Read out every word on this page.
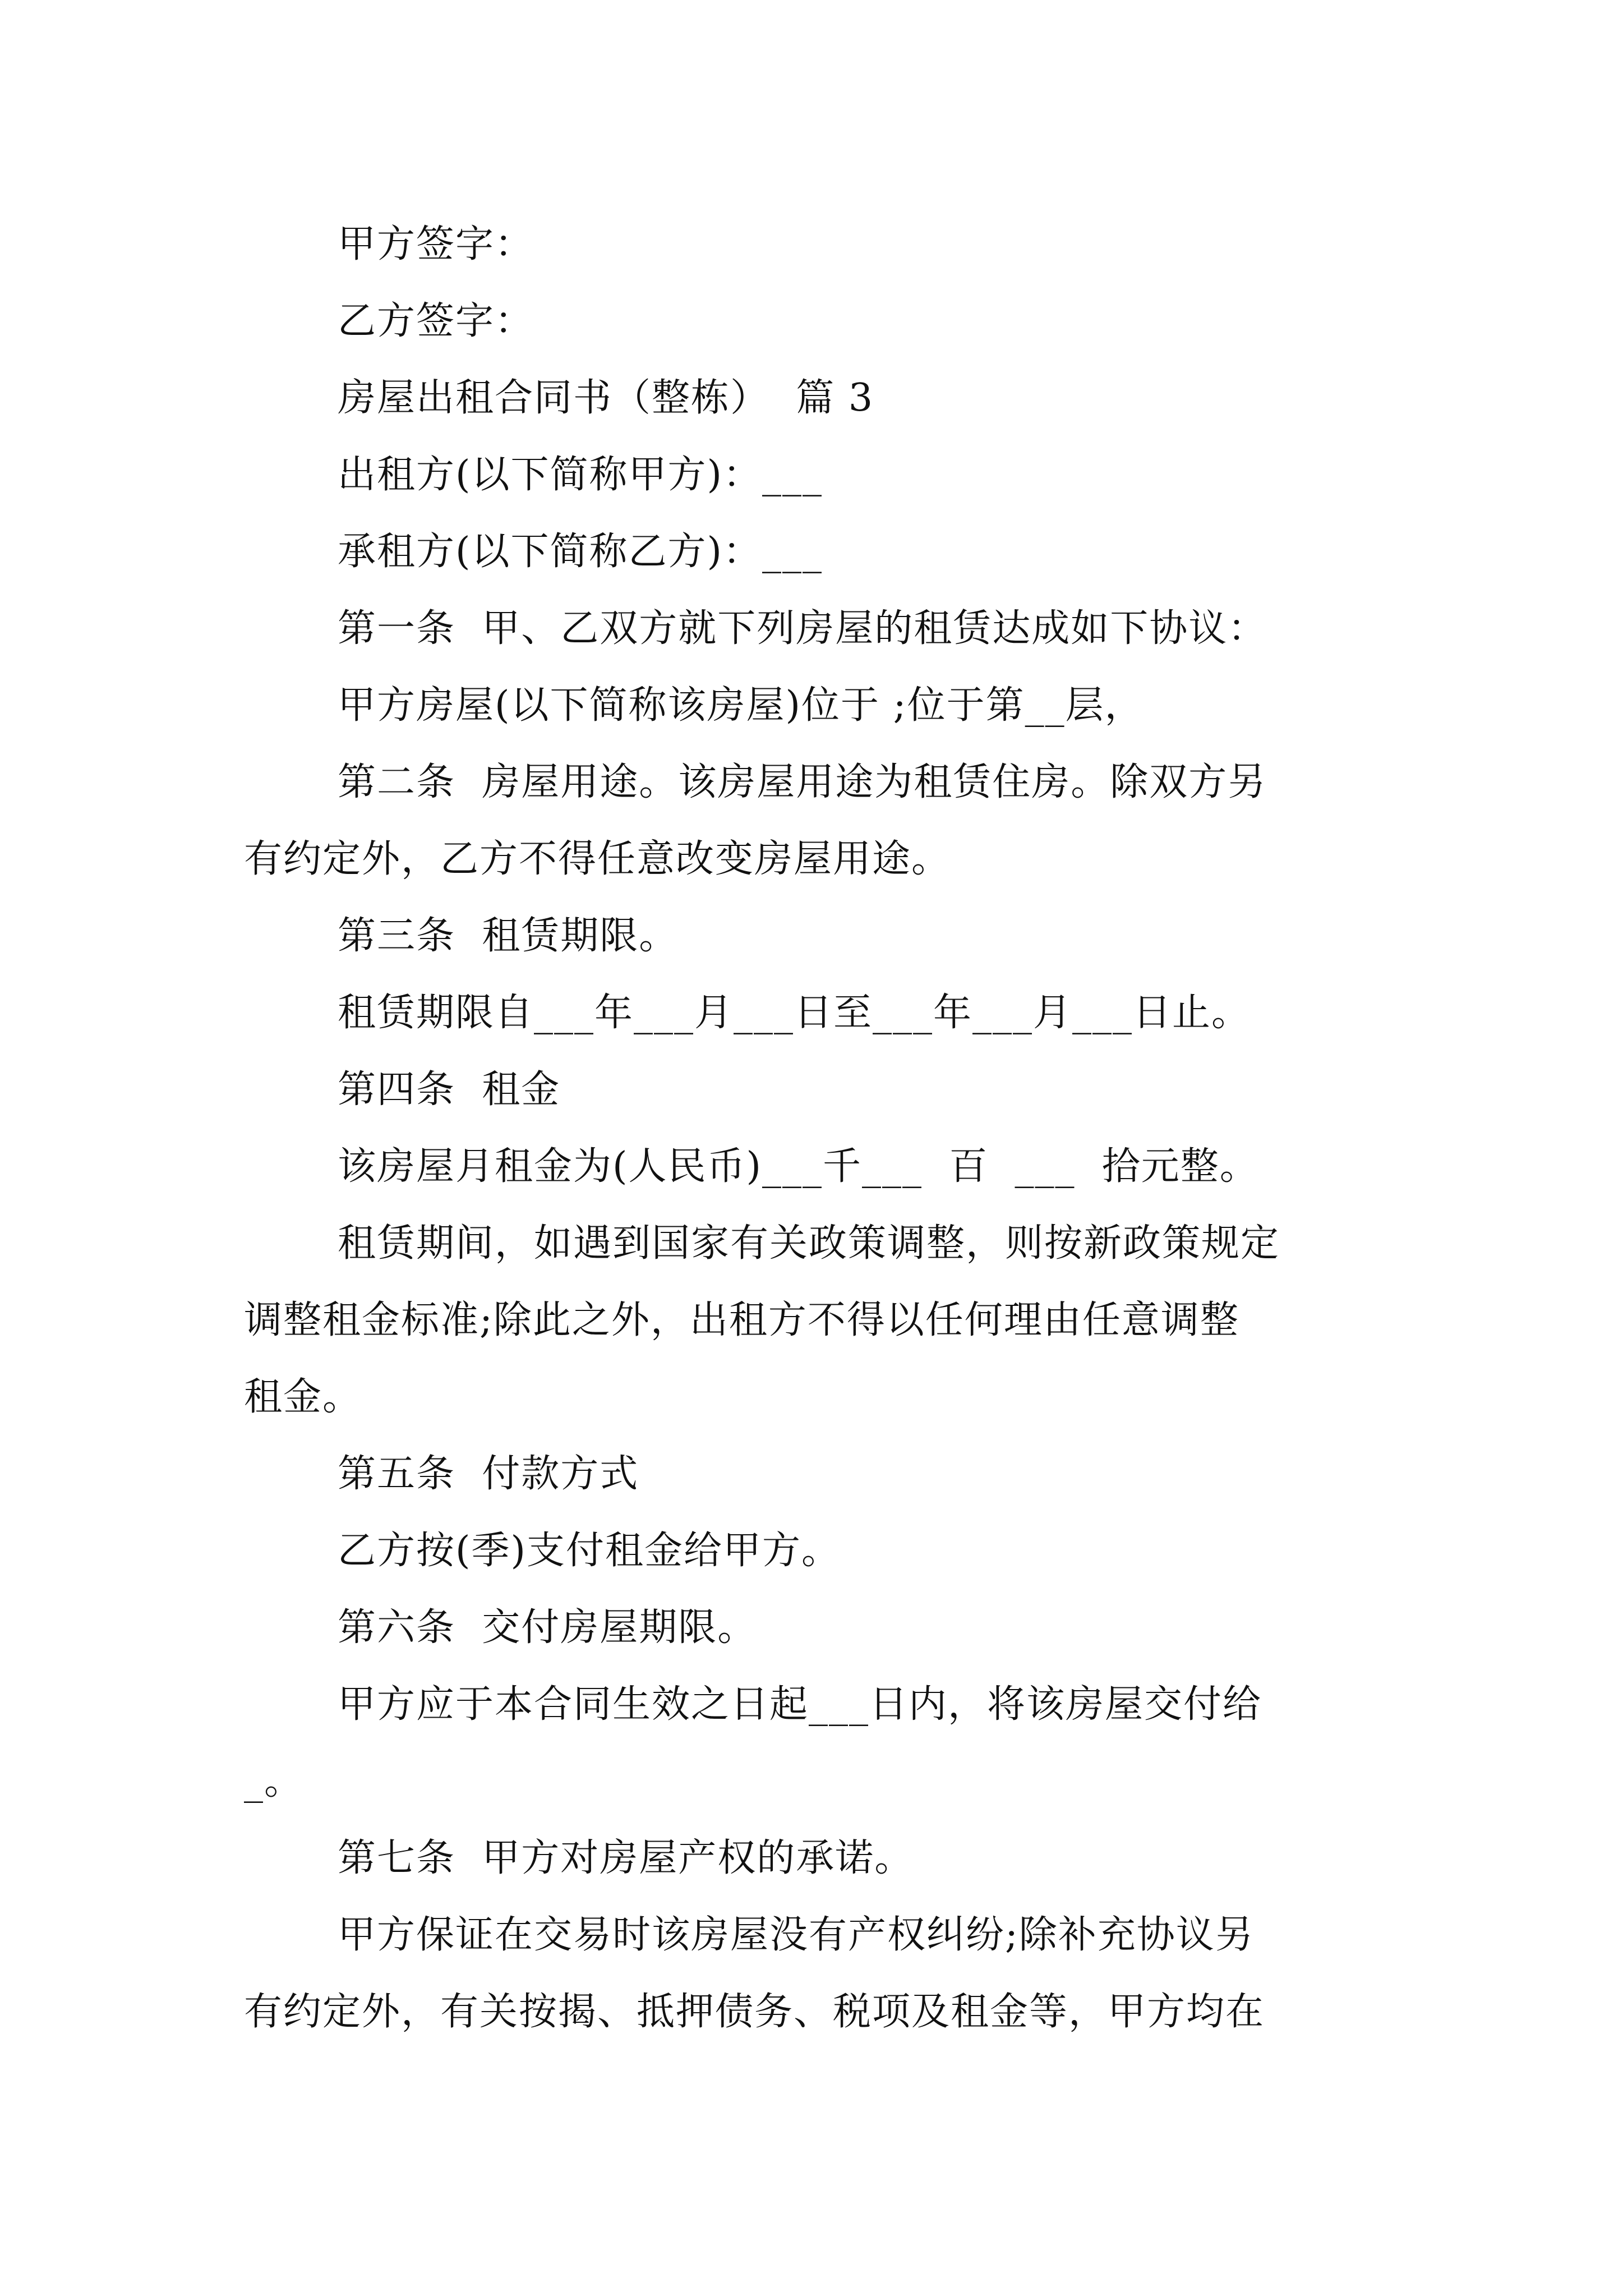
甲方签字：

乙方签字：

房屋出租合同书（整栋）  篇 3

出租方(以下简称甲方)：___

承租方(以下简称乙方)：___

第一条  甲、乙双方就下列房屋的租赁达成如下协议：

甲方房屋(以下简称该房屋)位于 ;位于第__层，

第二条  房屋用途。该房屋用途为租赁住房。除双方另

有约定外，乙方不得任意改变房屋用途。

第三条  租赁期限。

租赁期限自___年___月___日至___年___月___日止。

第四条  租金

该房屋月租金为(人民币)___千___  百  ___  拾元整。

租赁期间，如遇到国家有关政策调整，则按新政策规定

调整租金标准;除此之外，出租方不得以任何理由任意调整

租金。

第五条  付款方式

乙方按(季)支付租金给甲方。

第六条  交付房屋期限。

甲方应于本合同生效之日起___日内，将该房屋交付给

_。

第七条  甲方对房屋产权的承诺。

甲方保证在交易时该房屋没有产权纠纷;除补充协议另

有约定外，有关按揭、抵押债务、税项及租金等，甲方均在
